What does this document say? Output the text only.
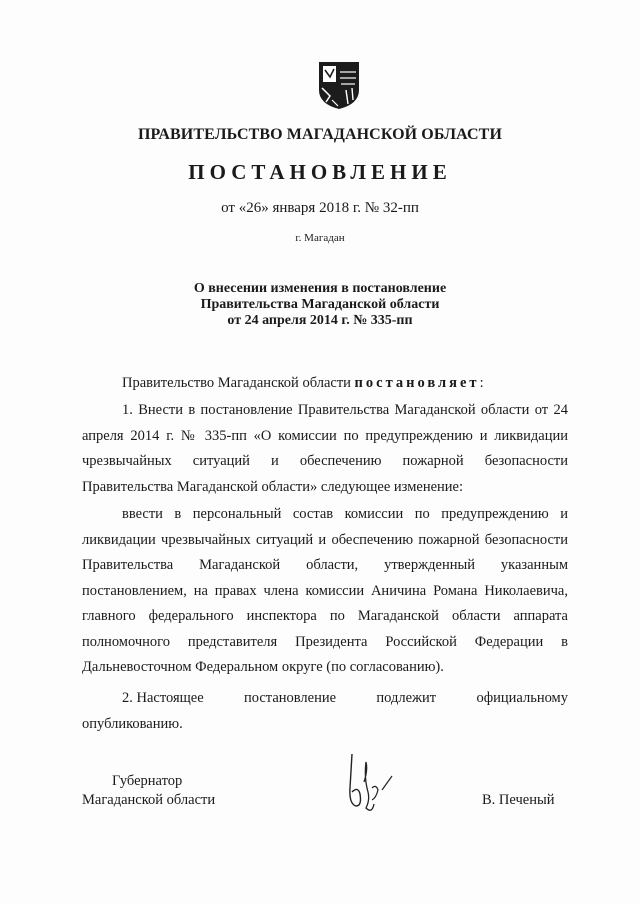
ПРАВИТЕЛЬСТВО МАГАДАНСКОЙ ОБЛАСТИ
ПОСТАНОВЛЕНИЕ
от «26» января 2018 г. № 32-пп
г. Магадан
О внесении изменения в постановление
Правительства Магаданской области
от 24 апреля 2014 г. № 335-пп
Правительство Магаданской области постановляет:
1. Внести в постановление Правительства Магаданской области от 24 апреля 2014 г. № 335-пп «О комиссии по предупреждению и ликвидации чрезвычайных ситуаций и обеспечению пожарной безопасности Правительства Магаданской области» следующее изменение:
ввести в персональный состав комиссии по предупреждению и ликвидации чрезвычайных ситуаций и обеспечению пожарной безопасности Правительства Магаданской области, утвержденный указанным постановлением, на правах члена комиссии Аничина Романа Николаевича, главного федерального инспектора по Магаданской области аппарата полномочного представителя Президента Российской Федерации в Дальневосточном Федеральном округе (по согласованию).
2. Настоящее	постановление	подлежит	официальному
опубликованию.
Губернатор
Магаданской области	В. Печеный
